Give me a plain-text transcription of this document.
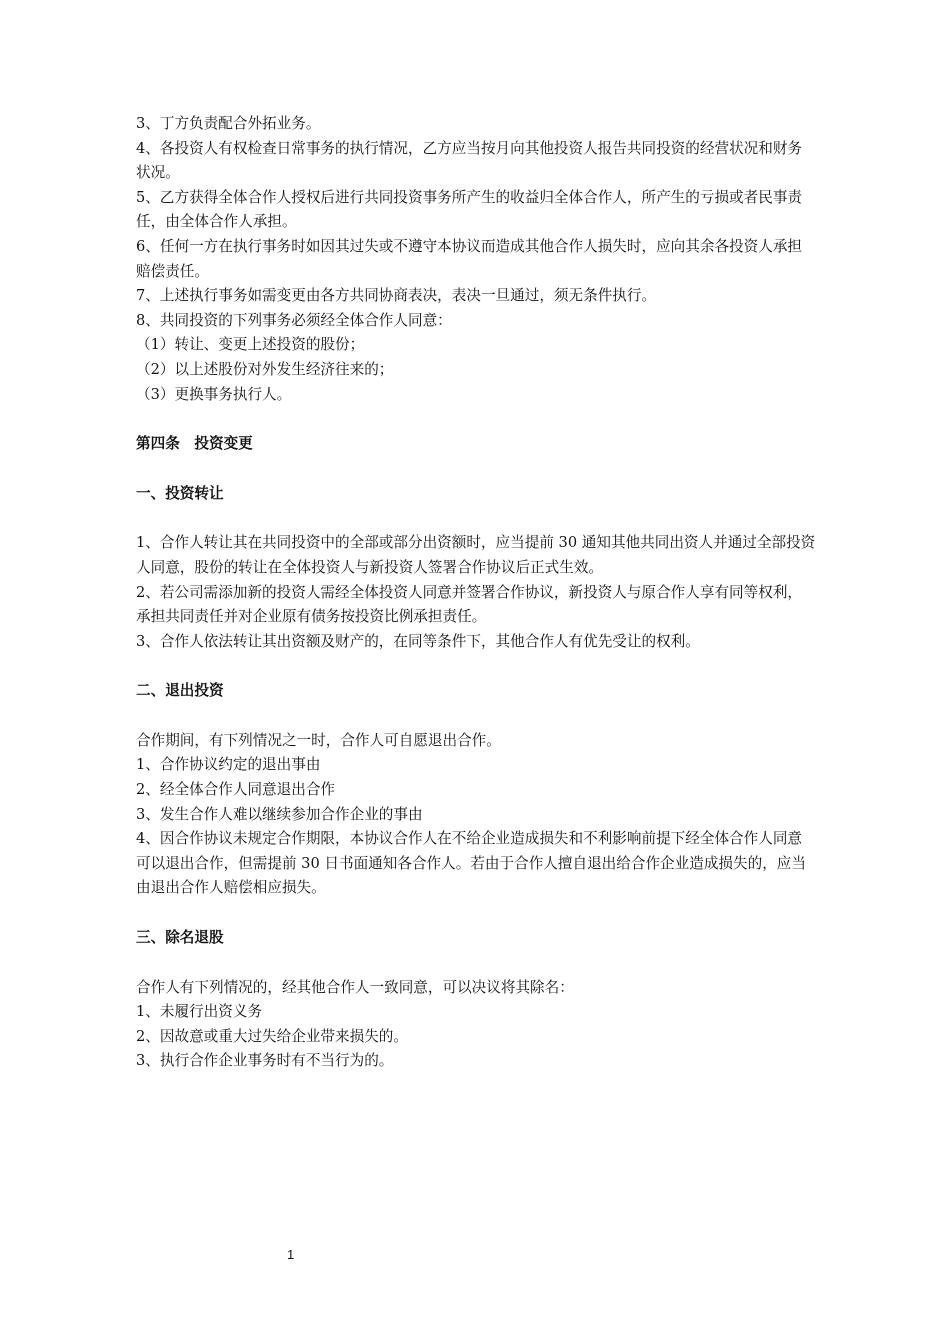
3、丁方负责配合外拓业务。

4、各投资人有权检查日常事务的执行情况，乙方应当按月向其他投资人报告共同投资的经营状况和财务状况。

5、乙方获得全体合作人授权后进行共同投资事务所产生的收益归全体合作人，所产生的亏损或者民事责任，由全体合作人承担。

6、任何一方在执行事务时如因其过失或不遵守本协议而造成其他合作人损失时，应向其余各投资人承担赔偿责任。

7、上述执行事务如需变更由各方共同协商表决，表决一旦通过，须无条件执行。

8、共同投资的下列事务必须经全体合作人同意：

（1）转让、变更上述投资的股份；

（2）以上述股份对外发生经济往来的；

（3）更换事务执行人。

第四条　投资变更

一、投资转让

1、合作人转让其在共同投资中的全部或部分出资额时，应当提前 30 通知其他共同出资人并通过全部投资人同意，股份的转让在全体投资人与新投资人签署合作协议后正式生效。

2、若公司需添加新的投资人需经全体投资人同意并签署合作协议，新投资人与原合作人享有同等权利，承担共同责任并对企业原有债务按投资比例承担责任。

3、合作人依法转让其出资额及财产的，在同等条件下，其他合作人有优先受让的权利。

二、退出投资

合作期间，有下列情况之一时，合作人可自愿退出合作。

1、合作协议约定的退出事由

2、经全体合作人同意退出合作

3、发生合作人难以继续参加合作企业的事由

4、因合作协议未规定合作期限，本协议合作人在不给企业造成损失和不利影响前提下经全体合作人同意可以退出合作，但需提前 30 日书面通知各合作人。若由于合作人擅自退出给合作企业造成损失的，应当由退出合作人赔偿相应损失。

三、除名退股

合作人有下列情况的，经其他合作人一致同意，可以决议将其除名：

1、未履行出资义务

2、因故意或重大过失给企业带来损失的。

3、执行合作企业事务时有不当行为的。

1
